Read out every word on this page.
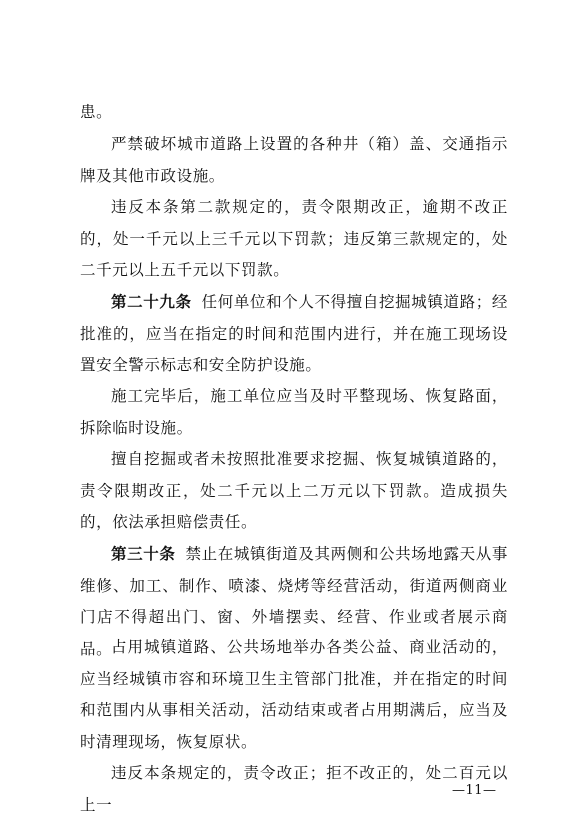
患。

严禁破坏城市道路上设置的各种井（箱）盖、交通指示牌及其他市政设施。

违反本条第二款规定的，责令限期改正，逾期不改正的，处一千元以上三千元以下罚款；违反第三款规定的，处二千元以上五千元以下罚款。

第二十九条 任何单位和个人不得擅自挖掘城镇道路；经批准的，应当在指定的时间和范围内进行，并在施工现场设置安全警示标志和安全防护设施。

施工完毕后，施工单位应当及时平整现场、恢复路面，拆除临时设施。

擅自挖掘或者未按照批准要求挖掘、恢复城镇道路的，责令限期改正，处二千元以上二万元以下罚款。造成损失的，依法承担赔偿责任。

第三十条 禁止在城镇街道及其两侧和公共场地露天从事维修、加工、制作、喷漆、烧烤等经营活动，街道两侧商业门店不得超出门、窗、外墙摆卖、经营、作业或者展示商品。

占用城镇道路、公共场地举办各类公益、商业活动的，应当经城镇市容和环境卫生主管部门批准，并在指定的时间和范围内从事相关活动，活动结束或者占用期满后，应当及时清理现场，恢复原状。

违反本条规定的，责令改正；拒不改正的，处二百元以上一

—11—
